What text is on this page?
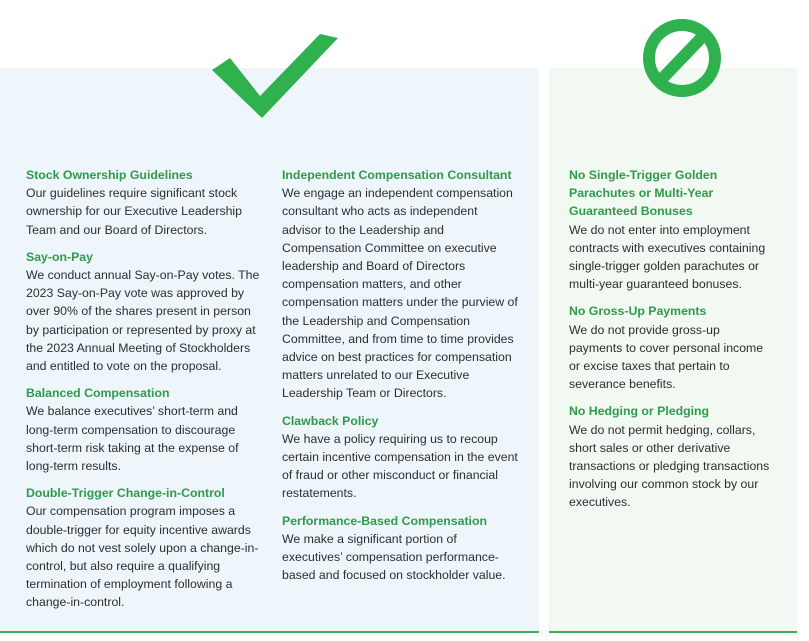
Stock Ownership Guidelines

Our guidelines require significant stock ownership for our Executive Leadership Team and our Board of Directors.

Say-on-Pay

We conduct annual Say-on-Pay votes. The 2023 Say-on-Pay vote was approved by over 90% of the shares present in person by participation or represented by proxy at the 2023 Annual Meeting of Stockholders and entitled to vote on the proposal.

Balanced Compensation

We balance executives’ short-term and long-term compensation to discourage short-term risk taking at the expense of long-term results.

Double-Trigger Change-in-Control

Our compensation program imposes a double-trigger for equity incentive awards which do not vest solely upon a change-in-control, but also require a qualifying termination of employment following a change-in-control.

Independent Compensation Consultant

We engage an independent compensation consultant who acts as independent advisor to the Leadership and Compensation Committee on executive leadership and Board of Directors compensation matters, and other compensation matters under the purview of the Leadership and Compensation Committee, and from time to time provides advice on best practices for compensation matters unrelated to our Executive Leadership Team or Directors.

Clawback Policy

We have a policy requiring us to recoup certain incentive compensation in the event of fraud or other misconduct or financial restatements.

Performance-Based Compensation

We make a significant portion of executives’ compensation performance-based and focused on stockholder value.

No Single-Trigger Golden Parachutes or Multi-Year Guaranteed Bonuses

We do not enter into employment contracts with executives containing single-trigger golden parachutes or multi-year guaranteed bonuses.

No Gross-Up Payments

We do not provide gross-up payments to cover personal income or excise taxes that pertain to severance benefits.

No Hedging or Pledging

We do not permit hedging, collars, short sales or other derivative transactions or pledging transactions involving our common stock by our executives.
